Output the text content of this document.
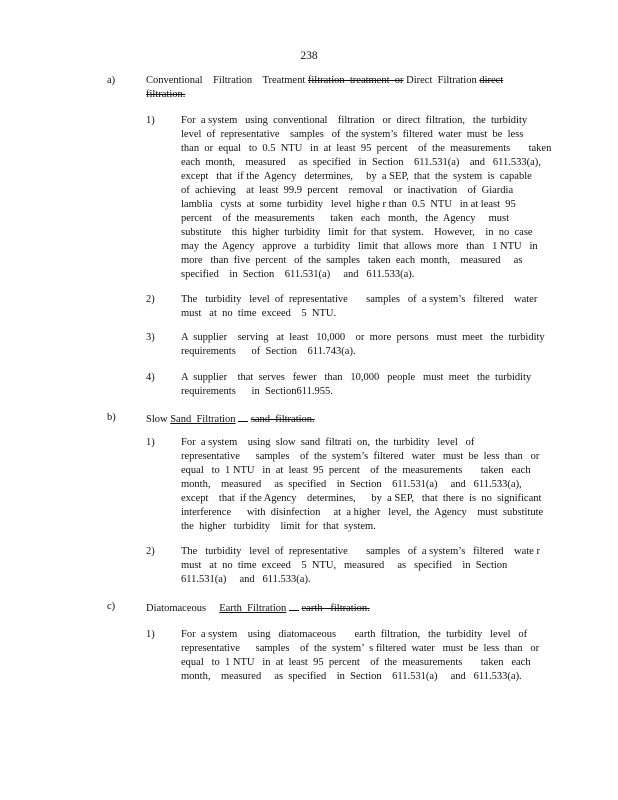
238
a)	Conventional    Filtration    Treatment filtration  treatment  or Direct  Filtration direct
filtration.
1)	For  a system   using  conventional    filtration   or  direct  filtration,   the  turbidity
level  of  representative    samples   of  the system’s  filtered  water  must  be  less
than  or  equal   to  0.5  NTU   in  at  least  95  percent    of  the  measurements       taken
each  month,    measured     as  specified   in  Section    611.531(a)    and   611.533(a),
except   that  if the  Agency   determines,     by  a SEP,  that  the  system  is  capable
of  achieving    at  least  99.9  percent    removal    or  inactivation    of  Giardia
lamblia   cysts  at  some  turbidity   level  highe r than  0.5  NTU   in at least  95
percent    of  the  measurements      taken   each   month,   the  Agency     must
substitute    this  higher  turbidity   limit  for  that  system.    However,    in  no  case
may  the  Agency   approve   a  turbidity   limit  that  allows  more   than   1 NTU   in
more   than  five  percent   of  the  samples   taken  each  month,    measured     as
specified    in  Section    611.531(a)     and   611.533(a).
2)	The   turbidity   level  of  representative       samples   of  a system’s   filtered    water
must   at  no  time  exceed    5  NTU.
3)	A  supplier    serving   at  least   10,000    or  more  persons   must  meet   the  turbidity
requirements      of  Section    611.743(a).
4)	A  supplier    that  serves   fewer   than   10,000   people   must  meet   the  turbidity
requirements      in  Section611.955.
b)	Slow Sand  Filtration sand  filtration.
1)	For  a system    using  slow  sand  filtrati  on,  the  turbidity   level   of
representative      samples    of  the  system’s  filtered   water   must  be  less  than   or
equal   to  1 NTU   in  at  least  95  percent    of  the  measurements       taken   each
month,    measured     as  specified    in  Section    611.531(a)     and   611.533(a),
except    that  if the Agency    determines,      by  a SEP,   that  there  is  no  significant
interference      with  disinfection     at  a higher   level,  the  Agency    must  substitute
the  higher   turbidity    limit  for  that  system.
2)	The   turbidity   level  of  representative       samples   of  a system’s   filtered    wate r
must   at  no  time  exceed    5  NTU,   measured     as   specified    in  Section
611.531(a)     and   611.533(a).
c)	Diatomaceous Earth  Filtration earth   filtration.
1)	For  a system    using   diatomaceous       earth  filtration,   the  turbidity   level   of
representative      samples    of  the  system’  s filtered  water   must  be  less  than   or
equal   to  1 NTU   in  at  least  95  percent    of  the  measurements       taken   each
month,    measured     as  specified    in  Section    611.531(a)     and   611.533(a).
